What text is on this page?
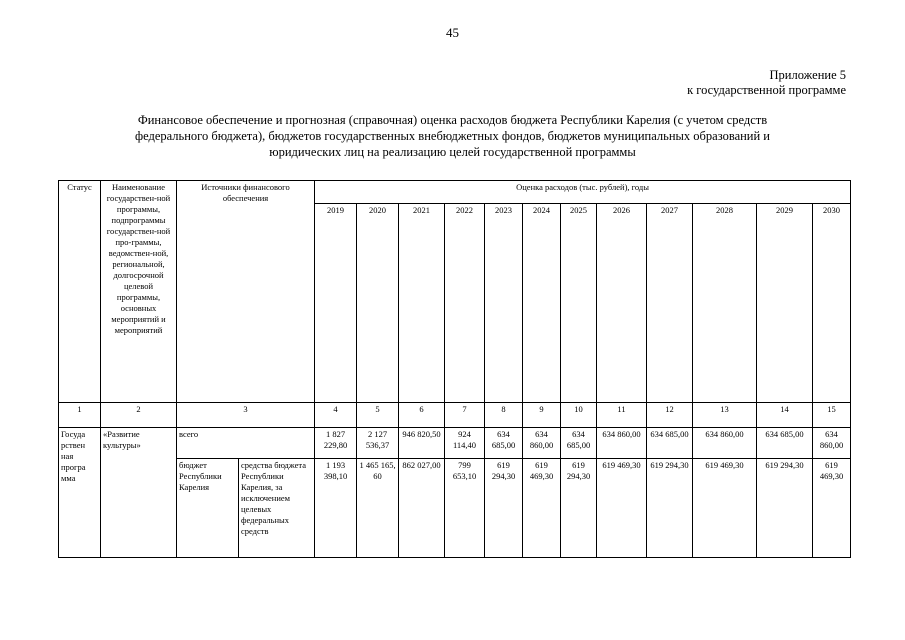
45
Приложение 5
к государственной программе
Финансовое обеспечение и прогнозная (справочная) оценка расходов бюджета Республики Карелия (с учетом средств
федерального бюджета), бюджетов государственных внебюджетных фондов, бюджетов муниципальных образований и
юридических лиц на реализацию целей государственной программы
Статус	Наименование государствен-ной программы, подпрограммы государствен-ной про-граммы, ведомствен-ной, региональной, долгосрочной целевой программы, основных мероприятий и мероприятий	Источники финансового обеспечения		Оценка расходов (тыс. рублей), годы											
				2019	2020	2021	2022	2023	2024	2025	2026	2027	2028	2029	2030
1	2	3		4	5	6	7	8	9	10	11	12	13	14	15
Госуда рствен ная програ мма	«Развитие культуры»	всего		1 827 229,80	2 127 536,37	946 820,50	924 114,40	634 685,00	634 860,00	634 685,00	634 860,00	634 685,00	634 860,00	634 685,00	634 860,00
		бюджет Республики Карелия	средства бюджета Республики Карелия, за исключением целевых федеральных средств	1 193 398,10	1 465 165, 60	862 027,00	799 653,10	619 294,30	619 469,30	619 294,30	619 469,30	619 294,30	619 469,30	619 294,30	619 469,30
